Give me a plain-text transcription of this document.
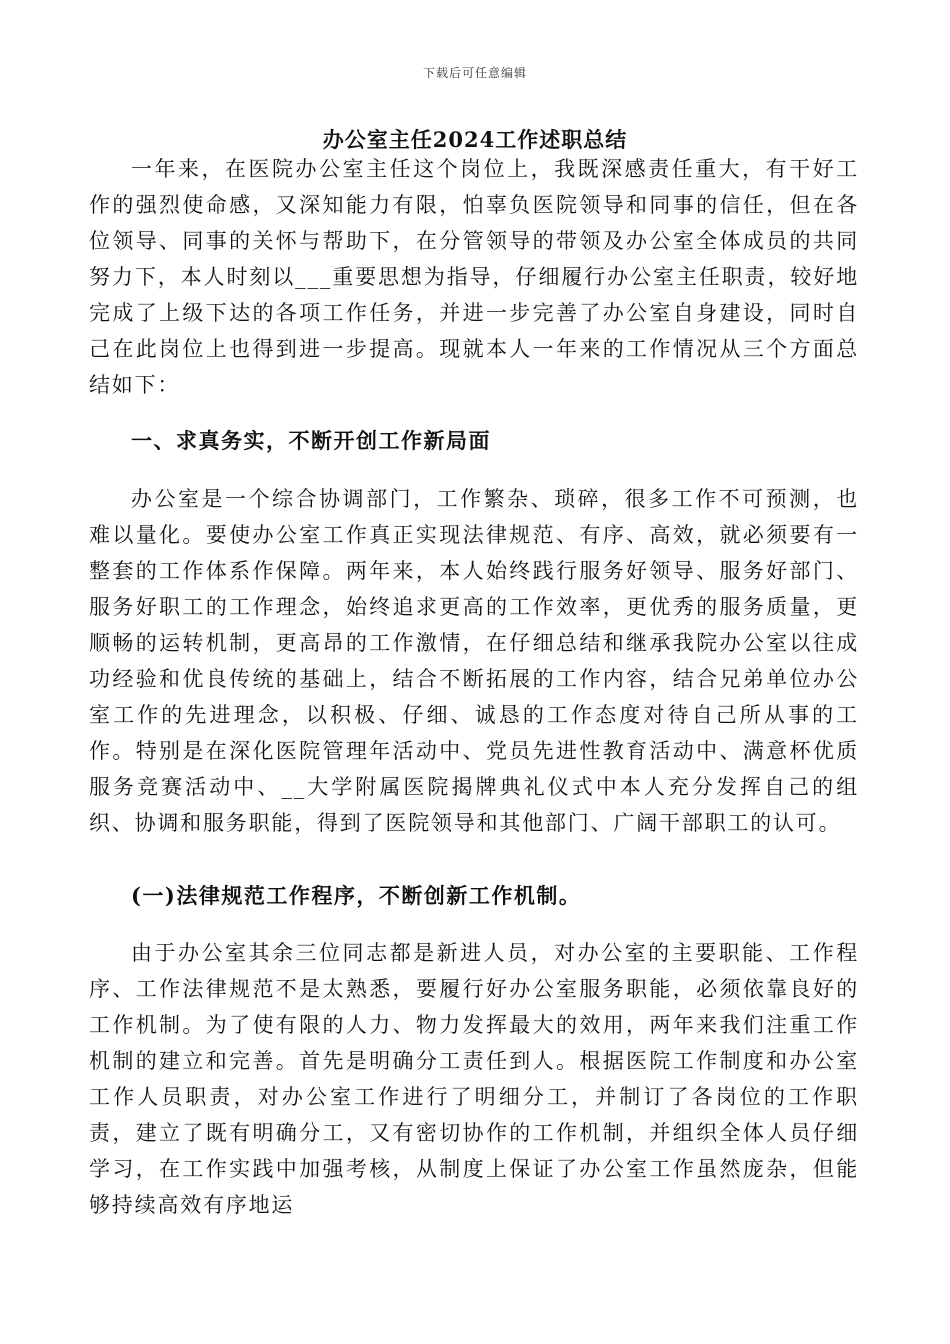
下载后可任意编辑
办公室主任2024工作述职总结

一年来，在医院办公室主任这个岗位上，我既深感责任重大，有干好工作的强烈使命感，又深知能力有限，怕辜负医院领导和同事的信任，但在各位领导、同事的关怀与帮助下，在分管领导的带领及办公室全体成员的共同努力下，本人时刻以___重要思想为指导，仔细履行办公室主任职责，较好地完成了上级下达的各项工作任务，并进一步完善了办公室自身建设，同时自己在此岗位上也得到进一步提高。现就本人一年来的工作情况从三个方面总结如下：

一、求真务实，不断开创工作新局面

办公室是一个综合协调部门，工作繁杂、琐碎，很多工作不可预测，也难以量化。要使办公室工作真正实现法律规范、有序、高效，就必须要有一整套的工作体系作保障。两年来，本人始终践行服务好领导、服务好部门、服务好职工的工作理念，始终追求更高的工作效率，更优秀的服务质量，更顺畅的运转机制，更高昂的工作激情，在仔细总结和继承我院办公室以往成功经验和优良传统的基础上，结合不断拓展的工作内容，结合兄弟单位办公室工作的先进理念，以积极、仔细、诚恳的工作态度对待自己所从事的工作。特别是在深化医院管理年活动中、党员先进性教育活动中、满意杯优质服务竞赛活动中、__大学附属医院揭牌典礼仪式中本人充分发挥自己的组织、协调和服务职能，得到了医院领导和其他部门、广阔干部职工的认可。

(一)法律规范工作程序，不断创新工作机制。

由于办公室其余三位同志都是新进人员，对办公室的主要职能、工作程序、工作法律规范不是太熟悉，要履行好办公室服务职能，必须依靠良好的工作机制。为了使有限的人力、物力发挥最大的效用，两年来我们注重工作机制的建立和完善。首先是明确分工责任到人。根据医院工作制度和办公室工作人员职责，对办公室工作进行了明细分工，并制订了各岗位的工作职责，建立了既有明确分工，又有密切协作的工作机制，并组织全体人员仔细学习，在工作实践中加强考核，从制度上保证了办公室工作虽然庞杂，但能够持续高效有序地运
